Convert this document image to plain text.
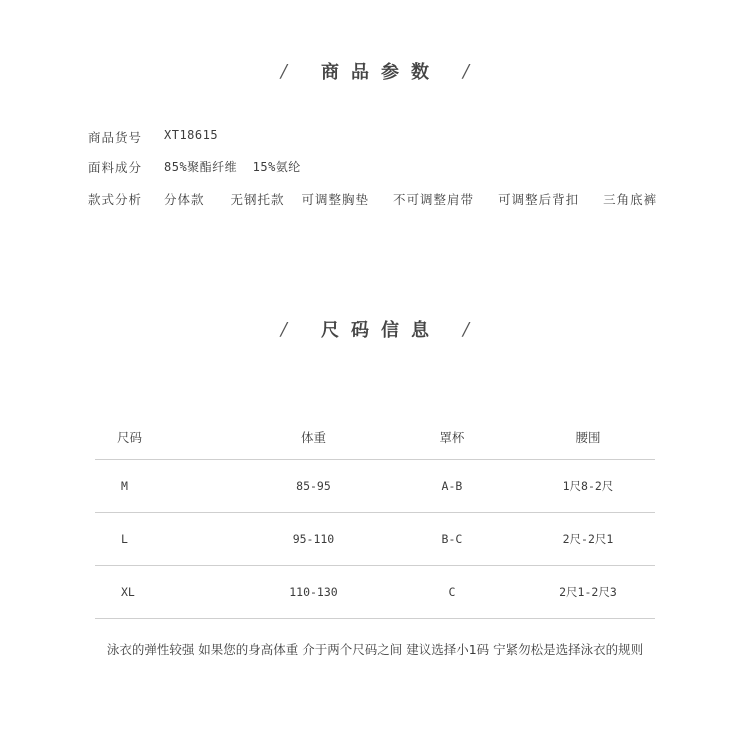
/ 商品参数 /
商品货号	XT18615
面料成分	85%聚酯纤维  15%氨纶
款式分析	分体款 无钢托款 可调整胸垫 不可调整肩带 可调整后背扣 三角底裤
/ 尺码信息 /
尺码	体重	罩杯	腰围
M	85-95	A-B	1尺8-2尺
L	95-110	B-C	2尺-2尺1
XL	110-130	C	2尺1-2尺3
泳衣的弹性较强 如果您的身高体重 介于两个尺码之间 建议选择小1码 宁紧勿松是选择泳衣的规则
